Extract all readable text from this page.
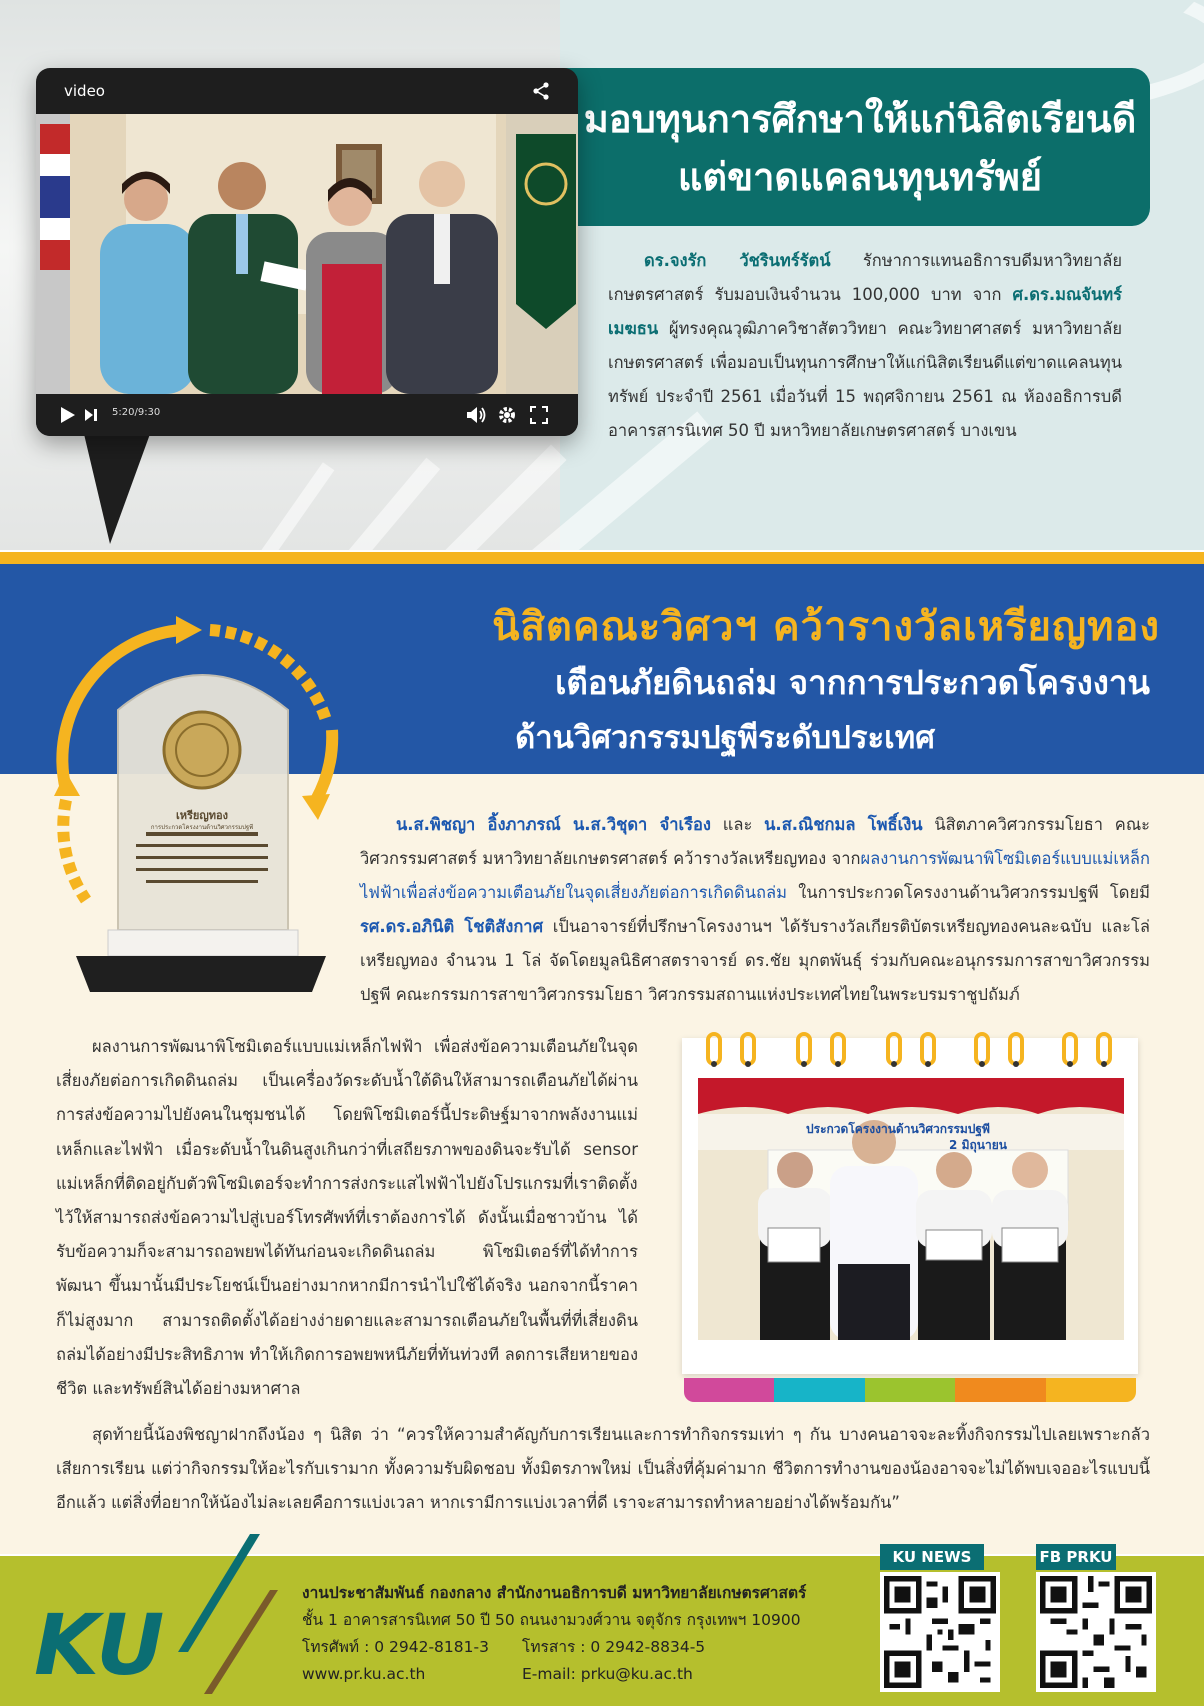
มอบทุนการศึกษาให้แก่นิสิตเรียนดี
แต่ขาดแคลนทุนทรัพย์
ดร.จงรัก วัชรินทร์รัตน์ รักษาการแทนอธิการบดีมหาวิทยาลัยเกษตรศาสตร์ รับมอบเงินจำนวน 100,000 บาท จาก ศ.ดร.มณจันทร์ เมฆธน ผู้ทรงคุณวุฒิภาควิชาสัตววิทยา คณะวิทยาศาสตร์ มหาวิทยาลัยเกษตรศาสตร์ เพื่อมอบเป็นทุนการศึกษาให้แก่นิสิตเรียนดีแต่ขาดแคลนทุนทรัพย์ ประจำปี 2561 เมื่อวันที่ 15 พฤศจิกายน 2561 ณ ห้องอธิการบดี อาคารสารนิเทศ 50 ปี มหาวิทยาลัยเกษตรศาสตร์ บางเขน
video
5:20/9:30
นิสิตคณะวิศวฯ คว้ารางวัลเหรียญทอง
เตือนภัยดินถล่ม จากการประกวดโครงงาน
ด้านวิศวกรรมปฐพีระดับประเทศ
เหรียญทอง
การประกวดโครงงานด้านวิศวกรรมปฐพี	น.ส.พิชญา อิ้งภาภรณ์ น.ส.วิชุดา จำเรือง และ น.ส.ณิชกมล โพธิ์เงิน นิสิตภาควิศวกรรมโยธา คณะวิศวกรรมศาสตร์ มหาวิทยาลัยเกษตรศาสตร์ คว้ารางวัลเหรียญทอง จากผลงานการพัฒนาพิโซมิเตอร์แบบแม่เหล็กไฟฟ้าเพื่อส่งข้อความเตือนภัยในจุดเสี่ยงภัยต่อการเกิดดินถล่ม ในการประกวดโครงงานด้านวิศวกรรมปฐพี โดยมี รศ.ดร.อภินิติ โชติสังกาศ เป็นอาจารย์ที่ปรึกษาโครงงานฯ ได้รับรางวัลเกียรติบัตรเหรียญทองคนละฉบับ และโล่เหรียญทอง จำนวน 1 โล่ จัดโดยมูลนิธิศาสตราจารย์ ดร.ชัย มุกตพันธุ์ ร่วมกับคณะอนุกรรมการสาขาวิศวกรรมปฐพี คณะกรรมการสาขาวิศวกรรมโยธา วิศวกรรมสถานแห่งประเทศไทยในพระบรมราชูปถัมภ์
ผลงานการพัฒนาพิโซมิเตอร์แบบแม่เหล็กไฟฟ้า เพื่อส่งข้อความเตือนภัยในจุดเสี่ยงภัยต่อการเกิดดินถล่ม เป็นเครื่องวัดระดับน้ำใต้ดินให้สามารถเตือนภัยได้ผ่านการส่งข้อความไปยังคนในชุมชนได้ โดยพิโซมิเตอร์นี้ประดิษฐ์มาจากพลังงานแม่เหล็กและไฟฟ้า เมื่อระดับน้ำในดินสูงเกินกว่าที่เสถียรภาพของดินจะรับได้ sensor แม่เหล็กที่ติดอยู่กับตัวพิโซมิเตอร์จะทำการส่งกระแสไฟฟ้าไปยังโปรแกรมที่เราติดตั้งไว้ให้สามารถส่งข้อความไปสู่เบอร์โทรศัพท์ที่เราต้องการได้ ดังนั้นเมื่อชาวบ้าน ได้รับข้อความก็จะสามารถอพยพได้ทันก่อนจะเกิดดินถล่ม พิโซมิเตอร์ที่ได้ทำการพัฒนา ขึ้นมานั้นมีประโยชน์เป็นอย่างมากหากมีการนำไปใช้ได้จริง นอกจากนี้ราคาก็ไม่สูงมาก สามารถติดตั้งได้อย่างง่ายดายและสามารถเตือนภัยในพื้นที่ที่เสี่ยงดินถล่มได้อย่างมีประสิทธิภาพ ทำให้เกิดการอพยพหนีภัยที่ทันท่วงที ลดการเสียหายของชีวิต และทรัพย์สินได้อย่างมหาศาล
ประกวดโครงงานด้านวิศวกรรมปฐพี
2 มิถุนายน
สุดท้ายนี้น้องพิชญาฝากถึงน้อง ๆ นิสิต ว่า “ควรให้ความสำคัญกับการเรียนและการทำกิจกรรมเท่า ๆ กัน บางคนอาจจะละทิ้งกิจกรรมไปเลยเพราะกลัวเสียการเรียน แต่ว่ากิจกรรมให้อะไรกับเรามาก ทั้งความรับผิดชอบ ทั้งมิตรภาพใหม่ เป็นสิ่งที่คุ้มค่ามาก ชีวิตการทำงานของน้องอาจจะไม่ได้พบเจออะไรแบบนี้อีกแล้ว แต่สิ่งที่อยากให้น้องไม่ละเลยคือการแบ่งเวลา หากเรามีการแบ่งเวลาที่ดี เราจะสามารถทำหลายอย่างได้พร้อมกัน”
KU
งานประชาสัมพันธ์ กองกลาง สำนักงานอธิการบดี มหาวิทยาลัยเกษตรศาสตร์
ชั้น 1 อาคารสารนิเทศ 50 ปี 50 ถนนงามวงศ์วาน จตุจักร กรุงเทพฯ 10900
โทรศัพท์ : 0 2942-8181-3	โทรสาร : 0 2942-8834-5
www.pr.ku.ac.th	E-mail: prku@ku.ac.th
KU NEWS	FB PRKU
